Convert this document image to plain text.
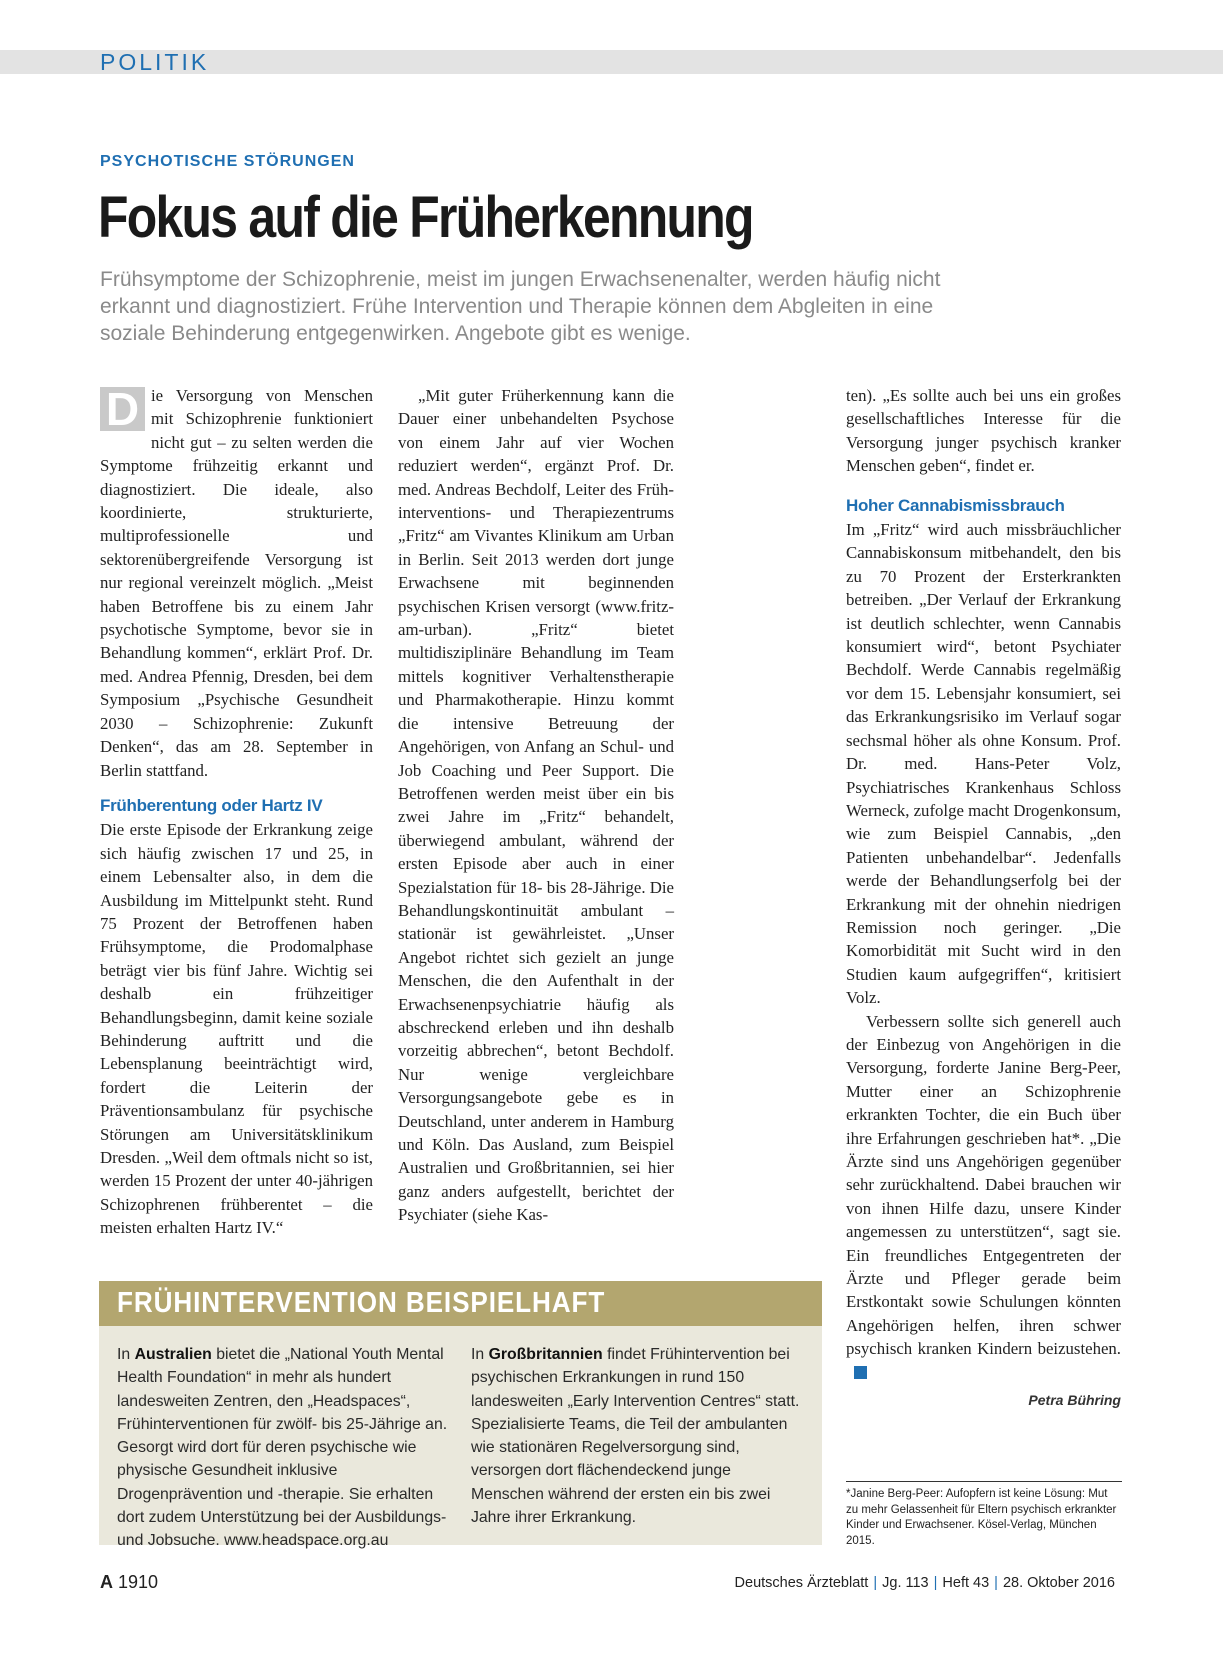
POLITIK
PSYCHOTISCHE STÖRUNGEN
Fokus auf die Früherkennung
Frühsymptome der Schizophrenie, meist im jungen Erwachsenenalter, werden häufig nicht erkannt und diagnostiziert. Frühe Intervention und Therapie können dem Abgleiten in eine soziale Behinderung entgegenwirken. Angebote gibt es wenige.

D ie Versorgung von Menschen mit Schizophrenie funktioniert nicht gut – zu selten werden die Symptome frühzeitig erkannt und diagnostiziert. Die ideale, also koordinierte, strukturierte, multiprofessionelle und sektorenübergreifende Versorgung ist nur regional vereinzelt möglich. „Meist haben Betroffene bis zu einem Jahr psychotische Symptome, bevor sie in Behandlung kommen“, erklärt Prof. Dr. med. Andrea Pfennig, Dresden, bei dem Symposium „Psychische Gesundheit 2030 – Schizophrenie: Zukunft Denken“, das am 28. September in Berlin stattfand.

Frühberentung oder Hartz IV

Die erste Episode der Erkrankung zeige sich häufig zwischen 17 und 25, in einem Lebensalter also, in dem die Ausbildung im Mittelpunkt steht. Rund 75 Prozent der Betroffenen haben Frühsymptome, die Prodomalphase beträgt vier bis fünf Jahre. Wichtig sei deshalb ein frühzeitiger Behandlungsbeginn, damit keine soziale Behinderung auftritt und die Lebensplanung beeinträchtigt wird, fordert die Leiterin der Präventionsambulanz für psychische Störungen am Universitätsklinikum Dresden. „Weil dem oftmals nicht so ist, werden 15 Prozent der unter 40-jährigen Schizophrenen frühberentet – die meisten erhalten Hartz IV.“

„Mit guter Früherkennung kann die Dauer einer unbehandelten Psychose von einem Jahr auf vier Wochen reduziert werden“, ergänzt Prof. Dr. med. Andreas Bechdolf, Leiter des Frühinterventions- und Therapiezentrums „Fritz“ am Vivantes Klinikum am Urban in Berlin. Seit 2013 werden dort junge Erwachsene mit beginnenden psychischen Krisen versorgt (www.fritz-am-urban). „Fritz“ bietet multidisziplinäre Behandlung im Team mittels kognitiver Verhaltenstherapie und Pharmakotherapie. Hinzu kommt die intensive Betreuung der Angehörigen, von Anfang an Schul- und Job Coaching und Peer Support. Die Betroffenen werden meist über ein bis zwei Jahre im „Fritz“ behandelt, überwiegend ambulant, während der ersten Episode aber auch in einer Spezialstation für 18- bis 28-Jährige. Die Behandlungskontinuität ambulant – stationär ist gewährleistet. „Unser Angebot richtet sich gezielt an junge Menschen, die den Aufenthalt in der Erwachsenenpsychiatrie häufig als abschreckend erleben und ihn deshalb vorzeitig abbrechen“, betont Bechdolf. Nur wenige vergleichbare Versorgungsangebote gebe es in Deutschland, unter anderem in Hamburg und Köln. Das Ausland, zum Beispiel Australien und Großbritannien, sei hier ganz anders aufgestellt, berichtet der Psychiater (siehe Kas-

ten). „Es sollte auch bei uns ein großes gesellschaftliches Interesse für die Versorgung junger psychisch kranker Menschen geben“, findet er.

Hoher Cannabismissbrauch

Im „Fritz“ wird auch missbräuchlicher Cannabiskonsum mitbehandelt, den bis zu 70 Prozent der Ersterkrankten betreiben. „Der Verlauf der Erkrankung ist deutlich schlechter, wenn Cannabis konsumiert wird“, betont Psychiater Bechdolf. Werde Cannabis regelmäßig vor dem 15. Lebensjahr konsumiert, sei das Erkrankungsrisiko im Verlauf sogar sechsmal höher als ohne Konsum. Prof. Dr. med. Hans-Peter Volz, Psychiatrisches Krankenhaus Schloss Werneck, zufolge macht Drogenkonsum, wie zum Beispiel Cannabis, „den Patienten unbehandelbar“. Jedenfalls werde der Behandlungserfolg bei der Erkrankung mit der ohnehin niedrigen Remission noch geringer. „Die Komorbidität mit Sucht wird in den Studien kaum aufgegriffen“, kritisiert Volz.

Verbessern sollte sich generell auch der Einbezug von Angehörigen in die Versorgung, forderte Janine Berg-Peer, Mutter einer an Schizophrenie erkrankten Tochter, die ein Buch über ihre Erfahrungen geschrieben hat*. „Die Ärzte sind uns Angehörigen gegenüber sehr zurückhaltend. Dabei brauchen wir von ihnen Hilfe dazu, unsere Kinder angemessen zu unterstützen“, sagt sie. Ein freundliches Entgegentreten der Ärzte und Pfleger gerade beim Erstkontakt sowie Schulungen könnten Angehörigen helfen, ihren schwer psychisch kranken Kindern beizustehen.

Petra Bühring
*Janine Berg-Peer: Aufopfern ist keine Lösung: Mut zu mehr Gelassenheit für Eltern psychisch erkrankter Kinder und Erwachsener. Kösel-Verlag, München 2015.
FRÜHINTERVENTION BEISPIELHAFT
In Australien bietet die „National Youth Mental Health Foundation“ in mehr als hundert landesweiten Zentren, den „Headspaces“, Frühinterventionen für zwölf- bis 25-Jährige an. Gesorgt wird dort für deren psychische wie physische Gesundheit inklusive Drogenprävention und -therapie. Sie erhalten dort zudem Unterstützung bei der Ausbildungs- und Jobsuche. www.headspace.org.au
In Großbritannien findet Frühintervention bei psychischen Erkrankungen in rund 150 landesweiten „Early Intervention Centres“ statt. Spezialisierte Teams, die Teil der ambulanten wie stationären Regelversorgung sind, versorgen dort flächendeckend junge Menschen während der ersten ein bis zwei Jahre ihrer Erkrankung.
A 1910	Deutsches Ärzteblatt | Jg. 113 | Heft 43 | 28. Oktober 2016
